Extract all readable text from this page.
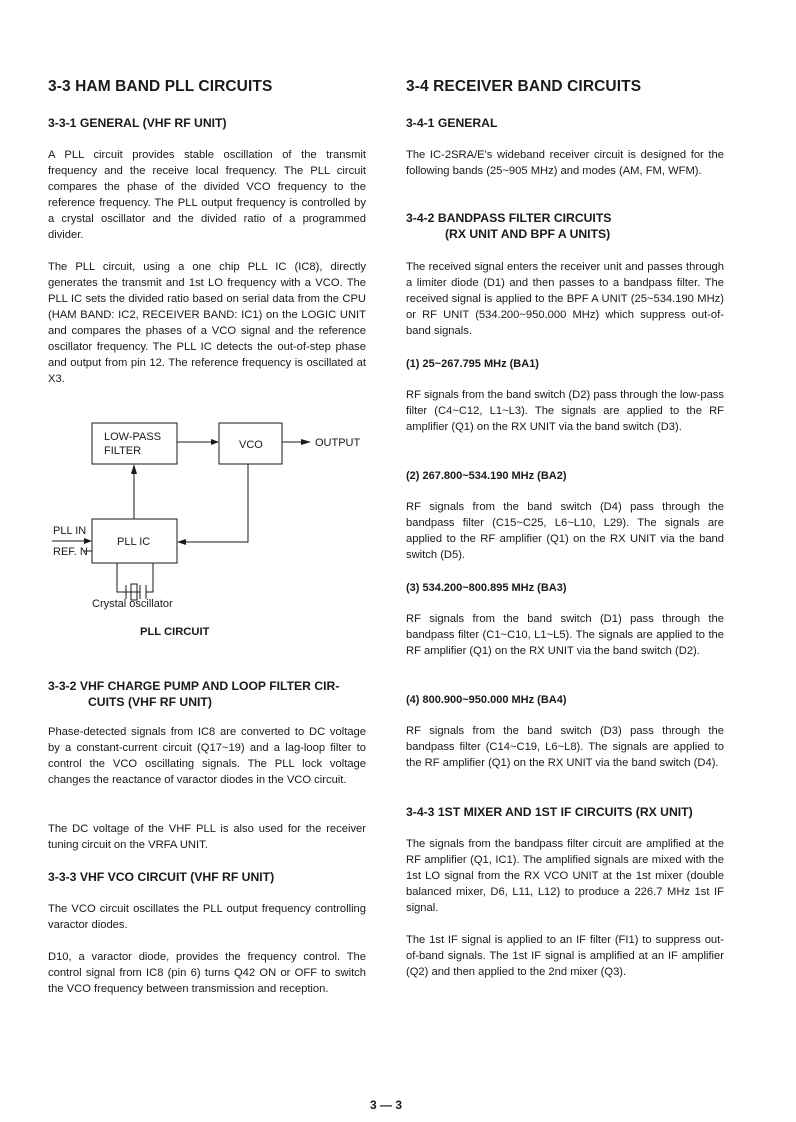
3-3 HAM BAND PLL CIRCUITS
3-3-1 GENERAL (VHF RF UNIT)

A PLL circuit provides stable oscillation of the transmit frequency and the receive local frequency. The PLL circuit compares the phase of the divided VCO frequency to the reference frequency. The PLL output frequency is controlled by a crystal oscillator and the divided ratio of a programmed divider.

The PLL circuit, using a one chip PLL IC (IC8), directly generates the transmit and 1st LO frequency with a VCO. The PLL IC sets the divided ratio based on serial data from the CPU (HAM BAND: IC2, RECEIVER BAND: IC1) on the LOGIC UNIT and compares the phases of a VCO signal and the reference oscillator frequency. The PLL IC detects the out-of-step phase and output from pin 12. The reference frequency is oscillated at X3.

PLL CIRCUIT

3-3-2 VHF CHARGE PUMP AND LOOP FILTER CIR-
CUITS (VHF RF UNIT)

Phase-detected signals from IC8 are converted to DC voltage by a constant-current circuit (Q17~19) and a lag-loop filter to control the VCO oscillating signals. The PLL lock voltage changes the reactance of varactor diodes in the VCO circuit.

The DC voltage of the VHF PLL is also used for the receiver tuning circuit on the VRFA UNIT.

3-3-3 VHF VCO CIRCUIT (VHF RF UNIT)

The VCO circuit oscillates the PLL output frequency controlling varactor diodes.

D10, a varactor diode, provides the frequency control. The control signal from IC8 (pin 6) turns Q42 ON or OFF to switch the VCO frequency between transmission and reception.

LOW-PASS
FILTER	VCO
PLL IC
OUTPUT
PLL IN
REF. N
Crystal oscillator
3-4 RECEIVER BAND CIRCUITS
3-4-1 GENERAL

The IC-2SRA/E's wideband receiver circuit is designed for the following bands (25~905 MHz) and modes (AM, FM, WFM).

3-4-2 BANDPASS FILTER CIRCUITS
(RX UNIT AND BPF A UNITS)

The received signal enters the receiver unit and passes through a limiter diode (D1) and then passes to a bandpass filter. The received signal is applied to the BPF A UNIT (25~534.190 MHz) or RF UNIT (534.200~950.000 MHz) which suppress out-of-band signals.

(1) 25~267.795 MHz (BA1)

RF signals from the band switch (D2) pass through the low-pass filter (C4~C12, L1~L3). The signals are applied to the RF amplifier (Q1) on the RX UNIT via the band switch (D3).

(2) 267.800~534.190 MHz (BA2)

RF signals from the band switch (D4) pass through the bandpass filter (C15~C25, L6~L10, L29). The signals are applied to the RF amplifier (Q1) on the RX UNIT via the band switch (D5).

(3) 534.200~800.895 MHz (BA3)

RF signals from the band switch (D1) pass through the bandpass filter (C1~C10, L1~L5). The signals are applied to the RF amplifier (Q1) on the RX UNIT via the band switch (D2).

(4) 800.900~950.000 MHz (BA4)

RF signals from the band switch (D3) pass through the bandpass filter (C14~C19, L6~L8). The signals are applied to the RF amplifier (Q1) on the RX UNIT via the band switch (D4).

3-4-3 1ST MIXER AND 1ST IF CIRCUITS (RX UNIT)

The signals from the bandpass filter circuit are amplified at the RF amplifier (Q1, IC1). The amplified signals are mixed with the 1st LO signal from the RX VCO UNIT at the 1st mixer (double balanced mixer, D6, L11, L12) to produce a 226.7 MHz 1st IF signal.

The 1st IF signal is applied to an IF filter (FI1) to suppress out-of-band signals. The 1st IF signal is amplified at an IF amplifier (Q2) and then applied to the 2nd mixer (Q3).

3 — 3
